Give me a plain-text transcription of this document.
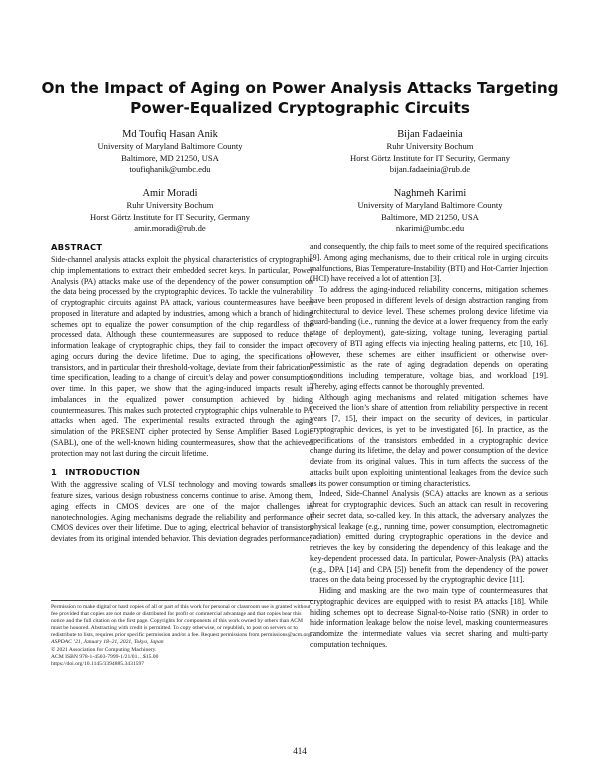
On the Impact of Aging on Power Analysis Attacks Targeting
Power-Equalized Cryptographic Circuits
Md Toufiq Hasan Anik
University of Maryland Baltimore County
Baltimore, MD 21250, USA
toufiqhanik@umbc.edu
Bijan Fadaeinia
Ruhr University Bochum
Horst Görtz Institute for IT Security, Germany
bijan.fadaeinia@rub.de
Amir Moradi
Ruhr University Bochum
Horst Görtz Institute for IT Security, Germany
amir.moradi@rub.de
Naghmeh Karimi
University of Maryland Baltimore County
Baltimore, MD 21250, USA
nkarimi@umbc.edu
ABSTRACT

Side-channel analysis attacks exploit the physical characteristics of cryptographic chip implementations to extract their embedded secret keys. In particular, Power Analysis (PA) attacks make use of the dependency of the power consumption on the data being processed by the cryptographic devices. To tackle the vulnerability of cryptographic circuits against PA attack, various countermeasures have been proposed in literature and adapted by industries, among which a branch of hiding schemes opt to equalize the power consumption of the chip regardless of the processed data. Although these countermeasures are supposed to reduce the information leakage of cryptographic chips, they fail to consider the impact of aging occurs during the device lifetime. Due to aging, the specifications of transistors, and in particular their threshold-voltage, deviate from their fabrication-time specification, leading to a change of circuit’s delay and power consumption over time. In this paper, we show that the aging-induced impacts result in imbalances in the equalized power consumption achieved by hiding countermeasures. This makes such protected cryptographic chips vulnerable to PA attacks when aged. The experimental results extracted through the aging simulation of the PRESENT cipher protected by Sense Amplifier Based Logic (SABL), one of the well-known hiding countermeasures, show that the achieved protection may not last during the circuit lifetime.

1 INTRODUCTION

With the aggressive scaling of VLSI technology and moving towards smaller feature sizes, various design robustness concerns continue to arise. Among them, aging effects in CMOS devices are one of the major challenges in nanotechnologies. Aging mechanisms degrade the reliability and performance of CMOS devices over their lifetime. Due to aging, electrical behavior of transistors deviates from its original intended behavior. This deviation degrades performance;

Permission to make digital or hard copies of all or part of this work for personal or classroom use is granted without fee provided that copies are not made or distributed for profit or commercial advantage and that copies bear this notice and the full citation on the first page. Copyrights for components of this work owned by others than ACM must be honored. Abstracting with credit is permitted. To copy otherwise, or republish, to post on servers or to redistribute to lists, requires prior specific permission and/or a fee. Request permissions from permissions@acm.org.

ASPDAC ’21, January 18–21, 2021, Tokyo, Japan
© 2021 Association for Computing Machinery.
ACM ISBN 978-1-4503-7999-1/21/01…$15.00
https://doi.org/10.1145/3394885.3431597

and consequently, the chip fails to meet some of the required specifications [9]. Among aging mechanisms, due to their critical role in urging circuits malfunctions, Bias Temperature-Instability (BTI) and Hot-Carrier Injection (HCI) have received a lot of attention [3].

To address the aging-induced reliability concerns, mitigation schemes have been proposed in different levels of design abstraction ranging from architectural to device level. These schemes prolong device lifetime via guard-banding (i.e., running the device at a lower frequency from the early stage of deployment), gate-sizing, voltage tuning, leveraging partial recovery of BTI aging effects via injecting healing patterns, etc [10, 16]. However, these schemes are either insufficient or otherwise over-pessimistic as the rate of aging degradation depends on operating conditions including temperature, voltage bias, and workload [19]. Thereby, aging effects cannot be thoroughly prevented.

Although aging mechanisms and related mitigation schemes have received the lion’s share of attention from reliability perspective in recent years [7, 15], their impact on the security of devices, in particular cryptographic devices, is yet to be investigated [6]. In practice, as the specifications of the transistors embedded in a cryptographic device change during its lifetime, the delay and power consumption of the device deviate from its original values. This in turn affects the success of the attacks built upon exploiting unintentional leakages from the device such as its power consumption or timing characteristics.

Indeed, Side-Channel Analysis (SCA) attacks are known as a serious threat for cryptographic devices. Such an attack can result in recovering their secret data, so-called key. In this attack, the adversary analyzes the physical leakage (e.g., running time, power consumption, electromagnetic radiation) emitted during cryptographic operations in the device and retrieves the key by considering the dependency of this leakage and the key-dependent processed data. In particular, Power-Analysis (PA) attacks (e.g., DPA [14] and CPA [5]) benefit from the dependency of the power traces on the data being processed by the cryptographic device [11].

Hiding and masking are the two main type of countermeasures that cryptographic devices are equipped with to resist PA attacks [18]. While hiding schemes opt to decrease Signal-to-Noise ratio (SNR) in order to hide information leakage below the noise level, masking countermeasures randomize the intermediate values via secret sharing and multi-party computation techniques.

414
